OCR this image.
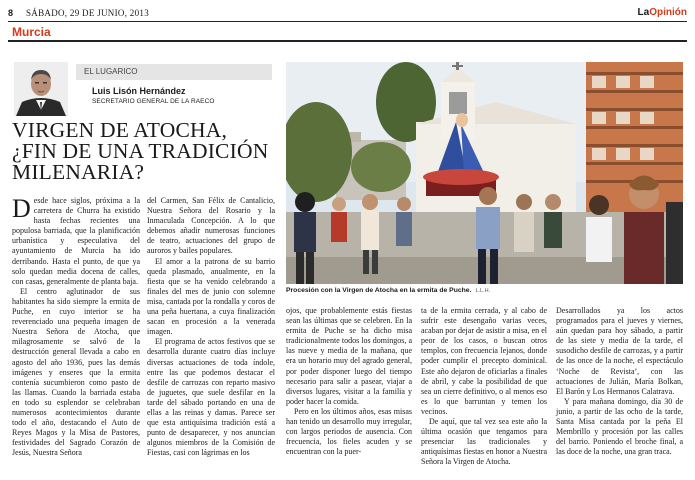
8 SÁBADO, 29 DE JUNIO, 2013	LaOpinión
Murcia
EL LUGARICO
Luis Lisón Hernández
SECRETARIO GENERAL DE LA RAECO
VIRGEN DE ATOCHA,
¿FIN DE UNA TRADICIÓN
MILENARIA?

Desde hace siglos, próxima a la carretera de Churra ha existido hasta fechas recientes una populosa barriada, que la planificación urbanística y especulativa del ayuntamiento de Murcia ha ido derribando. Hasta el punto, de que ya solo quedan media docena de calles, con casas, generalmente de planta baja.

El centro aglutinador de sus habitantes ha sido siempre la ermita de Puche, en cuyo interior se ha reverenciado una pequeña imagen de Nuestra Señora de Atocha, que milagrosamente se salvó de la destrucción general llevada a cabo en agosto del año 1936, pues las demás imágenes y enseres que la ermita contenía sucumbieron como pasto de las llamas. Cuando la barriada estaba en todo su esplendor se celebraban numerosos acontecimientos durante todo el año, destacando el Auto de Reyes Magos y la Misa de Pastores, festividades del Sagrado Corazón de Jesús, Nuestra Señora

del Carmen, San Félix de Cantalicio, Nuestra Señora del Rosario y la Inmaculada Concepción. A lo que debemos añadir numerosas funciones de teatro, actuaciones del grupo de auroros y bailes populares.

El amor a la patrona de su barrio queda plasmado, anualmente, en la fiesta que se ha venido celebrando a finales del mes de junio con solemne misa, cantada por la rondalla y coros de una peña huertana, a cuya finalización sacan en procesión a la venerada imagen.

El programa de actos festivos que se desarrolla durante cuatro días incluye diversas actuaciones de toda índole, entre las que podemos destacar el desfile de carrozas con reparto masivo de juguetes, que suele desfilar en la tarde del sábado portando en una de ellas a las reinas y damas. Parece ser que esta antiquísima tradición está a punto de desaparecer, y nos anuncian algunos miembros de la Comisión de Fiestas, casi con lágrimas en los

Procesión con la Virgen de Atocha en la ermita de Puche. L.L.H.

ojos, que probablemente estás fiestas sean las últimas que se celebren. En la ermita de Puche se ha dicho misa tradicionalmente todos los domingos, a las nueve y media de la mañana, que era un horario muy del agrado general, por poder disponer luego del tiempo necesario para salir a pasear, viajar a diversos lugares, visitar a la familia y poder hacer la comida.

Pero en los últimos años, esas misas han tenido un desarrollo muy irregular, con largos periodos de ausencia. Con frecuencia, los fieles acuden y se encuentran con la puer-

ta de la ermita cerrada, y al cabo de sufrir este desengaño varias veces, acaban por dejar de asistir a misa, en el peor de los casos, o buscan otros templos, con frecuencia lejanos, donde poder cumplir el precepto dominical. Este año dejaron de oficiarlas a finales de abril, y cabe la posibilidad de que sea un cierre definitivo, o al menos eso es lo que barruntan y temen los vecinos.

De aquí, que tal vez sea este año la última ocasión que tengamos para presenciar las tradicionales y antiquísimas fiestas en honor a Nuestra Señora la Virgen de Atocha.

Desarrollados ya los actos programados para el jueves y viernes, aún quedan para hoy sábado, a partir de las siete y media de la tarde, el susodicho desfile de carrozas, y a partir de las once de la noche, el espectáculo ‘Noche de Revista’, con las actuaciones de Julián, María Bolkan, El Barón y Los Hermanos Calatrava.

Y para mañana domingo, día 30 de junio, a partir de las ocho de la tarde, Santa Misa cantada por la peña El Membrillo y procesión por las calles del barrio. Poniendo el broche final, a las doce de la noche, una gran traca.
